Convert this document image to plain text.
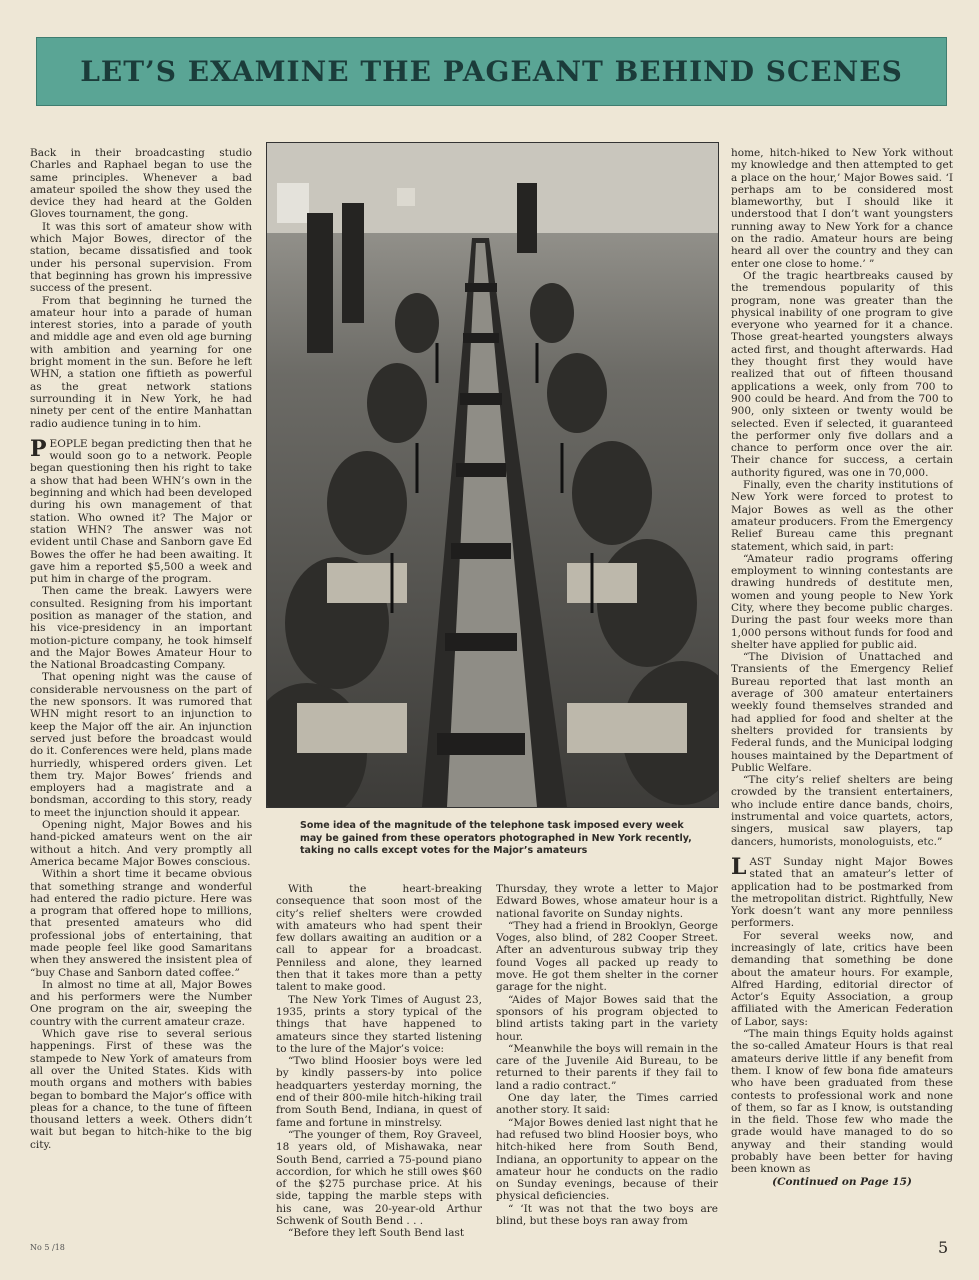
LET’S EXAMINE THE PAGEANT BEHIND SCENES

Back in their broadcasting studio Charles and Raphael began to use the same principles. Whenever a bad amateur spoiled the show they used the device they had heard at the Golden Gloves tournament, the gong.

It was this sort of amateur show with which Major Bowes, director of the station, became dissatisfied and took under his personal supervision. From that beginning has grown his impressive success of the present.

From that beginning he turned the amateur hour into a parade of human interest stories, into a parade of youth and middle age and even old age burning with ambition and yearning for one bright moment in the sun. Before he left WHN, a station one fiftieth as powerful as the great network stations surrounding it in New York, he had ninety per cent of the entire Manhattan radio audience tuning in to him.

PEOPLE began predicting then that he would soon go to a network. People began questioning then his right to take a show that had been WHN’s own in the beginning and which had been developed during his own management of that station. Who owned it? The Major or station WHN? The answer was not evident until Chase and Sanborn gave Ed Bowes the offer he had been awaiting. It gave him a reported $5,500 a week and put him in charge of the program.

Then came the break. Lawyers were consulted. Resigning from his important position as manager of the station, and his vice-presidency in an important motion-picture company, he took himself and the Major Bowes Amateur Hour to the National Broadcasting Company.

That opening night was the cause of considerable nervousness on the part of the new sponsors. It was rumored that WHN might resort to an injunction to keep the Major off the air. An injunction served just before the broadcast would do it. Conferences were held, plans made hurriedly, whispered orders given. Let them try. Major Bowes’ friends and employers had a magistrate and a bondsman, according to this story, ready to meet the injunction should it appear.

Opening night, Major Bowes and his hand-picked amateurs went on the air without a hitch. And very promptly all America became Major Bowes conscious.

Within a short time it became obvious that something strange and wonderful had entered the radio picture. Here was a program that offered hope to millions, that presented amateurs who did professional jobs of entertaining, that made people feel like good Samaritans when they answered the insistent plea of “buy Chase and Sanborn dated coffee.”

In almost no time at all, Major Bowes and his performers were the Number One program on the air, sweeping the country with the current amateur craze.

Which gave rise to several serious happenings. First of these was the stampede to New York of amateurs from all over the United States. Kids with mouth organs and mothers with babies began to bombard the Major’s office with pleas for a chance, to the tune of fifteen thousand letters a week. Others didn’t wait but began to hitch-hike to the big city.

Some idea of the magnitude of the telephone task imposed every week may be gained from these operators photographed in New York recently, taking no calls except votes for the Major’s amateurs

With the heart-breaking consequence that soon most of the city’s relief shelters were crowded with amateurs who had spent their few dollars awaiting an audition or a call to appear for a broadcast. Penniless and alone, they learned then that it takes more than a petty talent to make good.

The New York Times of August 23, 1935, prints a story typical of the things that have happened to amateurs since they started listening to the lure of the Major’s voice:

“Two blind Hoosier boys were led by kindly passers-by into police headquarters yesterday morning, the end of their 800-mile hitch-hiking trail from South Bend, Indiana, in quest of fame and fortune in minstrelsy.

“The younger of them, Roy Graveel, 18 years old, of Mishawaka, near South Bend, carried a 75-pound piano accordion, for which he still owes $60 of the $275 purchase price. At his side, tapping the marble steps with his cane, was 20-year-old Arthur Schwenk of South Bend . . .

“Before they left South Bend last

Thursday, they wrote a letter to Major Edward Bowes, whose amateur hour is a national favorite on Sunday nights.

“They had a friend in Brooklyn, George Voges, also blind, of 282 Cooper Street. After an adventurous subway trip they found Voges all packed up ready to move. He got them shelter in the corner garage for the night.

“Aides of Major Bowes said that the sponsors of his program objected to blind artists taking part in the variety hour.

“Meanwhile the boys will remain in the care of the Juvenile Aid Bureau, to be returned to their parents if they fail to land a radio contract.”

One day later, the Times carried another story. It said:

“Major Bowes denied last night that he had refused two blind Hoosier boys, who hitch-hiked here from South Bend, Indiana, an opportunity to appear on the amateur hour he conducts on the radio on Sunday evenings, because of their physical deficiencies.

“ ‘It was not that the two boys are blind, but these boys ran away from

home, hitch-hiked to New York without my knowledge and then attempted to get a place on the hour,’ Major Bowes said. ‘I perhaps am to be considered most blameworthy, but I should like it understood that I don’t want youngsters running away to New York for a chance on the radio. Amateur hours are being heard all over the country and they can enter one close to home.’ ”

Of the tragic heartbreaks caused by the tremendous popularity of this program, none was greater than the physical inability of one program to give everyone who yearned for it a chance. Those great-hearted youngsters always acted first, and thought afterwards. Had they thought first they would have realized that out of fifteen thousand applications a week, only from 700 to 900 could be heard. And from the 700 to 900, only sixteen or twenty would be selected. Even if selected, it guaranteed the performer only five dollars and a chance to perform once over the air. Their chance for success, a certain authority figured, was one in 70,000.

Finally, even the charity institutions of New York were forced to protest to Major Bowes as well as the other amateur producers. From the Emergency Relief Bureau came this pregnant statement, which said, in part:

“Amateur radio programs offering employment to winning contestants are drawing hundreds of destitute men, women and young people to New York City, where they become public charges. During the past four weeks more than 1,000 persons without funds for food and shelter have applied for public aid.

“The Division of Unattached and Transients of the Emergency Relief Bureau reported that last month an average of 300 amateur entertainers weekly found themselves stranded and had applied for food and shelter at the shelters provided for transients by Federal funds, and the Municipal lodging houses maintained by the Department of Public Welfare.

“The city’s relief shelters are being crowded by the transient entertainers, who include entire dance bands, choirs, instrumental and voice quartets, actors, singers, musical saw players, tap dancers, humorists, monologuists, etc.”

LAST Sunday night Major Bowes stated that an amateur’s letter of application had to be postmarked from the metropolitan district. Rightfully, New York doesn’t want any more penniless performers.

For several weeks now, and increasingly of late, critics have been demanding that something be done about the amateur hours. For example, Alfred Harding, editorial director of Actor’s Equity Association, a group affiliated with the American Federation of Labor, says:

“The main things Equity holds against the so-called Amateur Hours is that real amateurs derive little if any benefit from them. I know of few bona fide amateurs who have been graduated from these contests to professional work and none of them, so far as I know, is outstanding in the field. Those few who made the grade would have managed to do so anyway and their standing would probably have been better for having been known as

(Continued on Page 15)

No 5 /18	5
